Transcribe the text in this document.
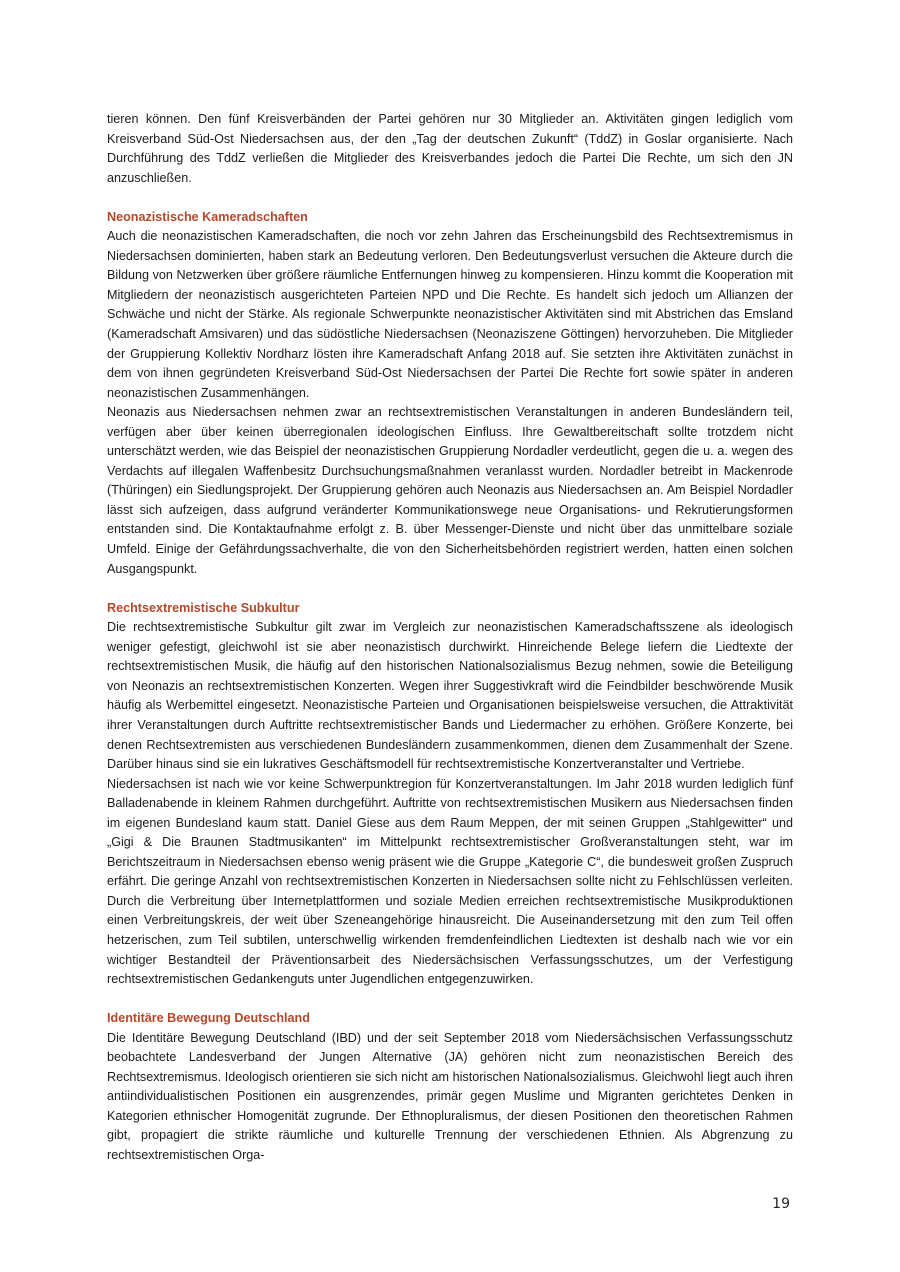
tieren können. Den fünf Kreisverbänden der Partei gehören nur 30 Mitglieder an. Aktivitäten gingen lediglich vom Kreisverband Süd-Ost Niedersachsen aus, der den „Tag der deutschen Zukunft“ (TddZ) in Goslar organisierte. Nach Durchführung des TddZ verließen die Mitglieder des Kreisverbandes jedoch die Partei Die Rechte, um sich den JN anzuschließen.

Neonazistische Kameradschaften

Auch die neonazistischen Kameradschaften, die noch vor zehn Jahren das Erscheinungsbild des Rechtsextremismus in Niedersachsen dominierten, haben stark an Bedeutung verloren. Den Bedeutungsverlust versuchen die Akteure durch die Bildung von Netzwerken über größere räumliche Entfernungen hinweg zu kompensieren. Hinzu kommt die Kooperation mit Mitgliedern der neonazistisch ausgerichteten Parteien NPD und Die Rechte. Es handelt sich jedoch um Allianzen der Schwäche und nicht der Stärke. Als regionale Schwerpunkte neonazistischer Aktivitäten sind mit Abstrichen das Emsland (Kameradschaft Amsivaren) und das südöstliche Niedersachsen (Neonaziszene Göttingen) hervorzuheben. Die Mitglieder der Gruppierung Kollektiv Nordharz lösten ihre Kameradschaft Anfang 2018 auf. Sie setzten ihre Aktivitäten zunächst in dem von ihnen gegründeten Kreisverband Süd-Ost Niedersachsen der Partei Die Rechte fort sowie später in anderen neonazistischen Zusammenhängen.

Neonazis aus Niedersachsen nehmen zwar an rechtsextremistischen Veranstaltungen in anderen Bundesländern teil, verfügen aber über keinen überregionalen ideologischen Einfluss. Ihre Gewaltbereitschaft sollte trotzdem nicht unterschätzt werden, wie das Beispiel der neonazistischen Gruppierung Nordadler verdeutlicht, gegen die u. a. wegen des Verdachts auf illegalen Waffenbesitz Durchsuchungsmaßnahmen veranlasst wurden. Nordadler betreibt in Mackenrode (Thüringen) ein Siedlungsprojekt. Der Gruppierung gehören auch Neonazis aus Niedersachsen an. Am Beispiel Nordadler lässt sich aufzeigen, dass aufgrund veränderter Kommunikationswege neue Organisations- und Rekrutierungsformen entstanden sind. Die Kontaktaufnahme erfolgt z. B. über Messenger-Dienste und nicht über das unmittelbare soziale Umfeld. Einige der Gefährdungssachverhalte, die von den Sicherheitsbehörden registriert werden, hatten einen solchen Ausgangspunkt.

Rechtsextremistische Subkultur

Die rechtsextremistische Subkultur gilt zwar im Vergleich zur neonazistischen Kameradschaftsszene als ideologisch weniger gefestigt, gleichwohl ist sie aber neonazistisch durchwirkt. Hinreichende Belege liefern die Liedtexte der rechtsextremistischen Musik, die häufig auf den historischen Nationalsozialismus Bezug nehmen, sowie die Beteiligung von Neonazis an rechtsextremistischen Konzerten. Wegen ihrer Suggestivkraft wird die Feindbilder beschwörende Musik häufig als Werbemittel eingesetzt. Neonazistische Parteien und Organisationen beispielsweise versuchen, die Attraktivität ihrer Veranstaltungen durch Auftritte rechtsextremistischer Bands und Liedermacher zu erhöhen. Größere Konzerte, bei denen Rechtsextremisten aus verschiedenen Bundesländern zusammenkommen, dienen dem Zusammenhalt der Szene. Darüber hinaus sind sie ein lukratives Geschäftsmodell für rechtsextremistische Konzertveranstalter und Vertriebe.

Niedersachsen ist nach wie vor keine Schwerpunktregion für Konzertveranstaltungen. Im Jahr 2018 wurden lediglich fünf Balladenabende in kleinem Rahmen durchgeführt. Auftritte von rechtsextremistischen Musikern aus Niedersachsen finden im eigenen Bundesland kaum statt. Daniel Giese aus dem Raum Meppen, der mit seinen Gruppen „Stahlgewitter“ und „Gigi & Die Braunen Stadtmusikanten“ im Mittelpunkt rechtsextremistischer Großveranstaltungen steht, war im Berichtszeitraum in Niedersachsen ebenso wenig präsent wie die Gruppe „Kategorie C“, die bundesweit großen Zuspruch erfährt. Die geringe Anzahl von rechtsextremistischen Konzerten in Niedersachsen sollte nicht zu Fehlschlüssen verleiten. Durch die Verbreitung über Internetplattformen und soziale Medien erreichen rechtsextremistische Musikproduktionen einen Verbreitungskreis, der weit über Szeneangehörige hinausreicht. Die Auseinandersetzung mit den zum Teil offen hetzerischen, zum Teil subtilen, unterschwellig wirkenden fremdenfeindlichen Liedtexten ist deshalb nach wie vor ein wichtiger Bestandteil der Präventionsarbeit des Niedersächsischen Verfassungsschutzes, um der Verfestigung rechtsextremistischen Gedankenguts unter Jugendlichen entgegenzuwirken.

Identitäre Bewegung Deutschland

Die Identitäre Bewegung Deutschland (IBD) und der seit September 2018 vom Niedersächsischen Verfassungsschutz beobachtete Landesverband der Jungen Alternative (JA) gehören nicht zum neonazistischen Bereich des Rechtsextremismus. Ideologisch orientieren sie sich nicht am historischen Nationalsozialismus. Gleichwohl liegt auch ihren antiindividualistischen Positionen ein ausgrenzendes, primär gegen Muslime und Migranten gerichtetes Denken in Kategorien ethnischer Homogenität zugrunde. Der Ethnopluralismus, der diesen Positionen den theoretischen Rahmen gibt, propagiert die strikte räumliche und kulturelle Trennung der verschiedenen Ethnien. Als Abgrenzung zu rechtsextremistischen Orga-

19
